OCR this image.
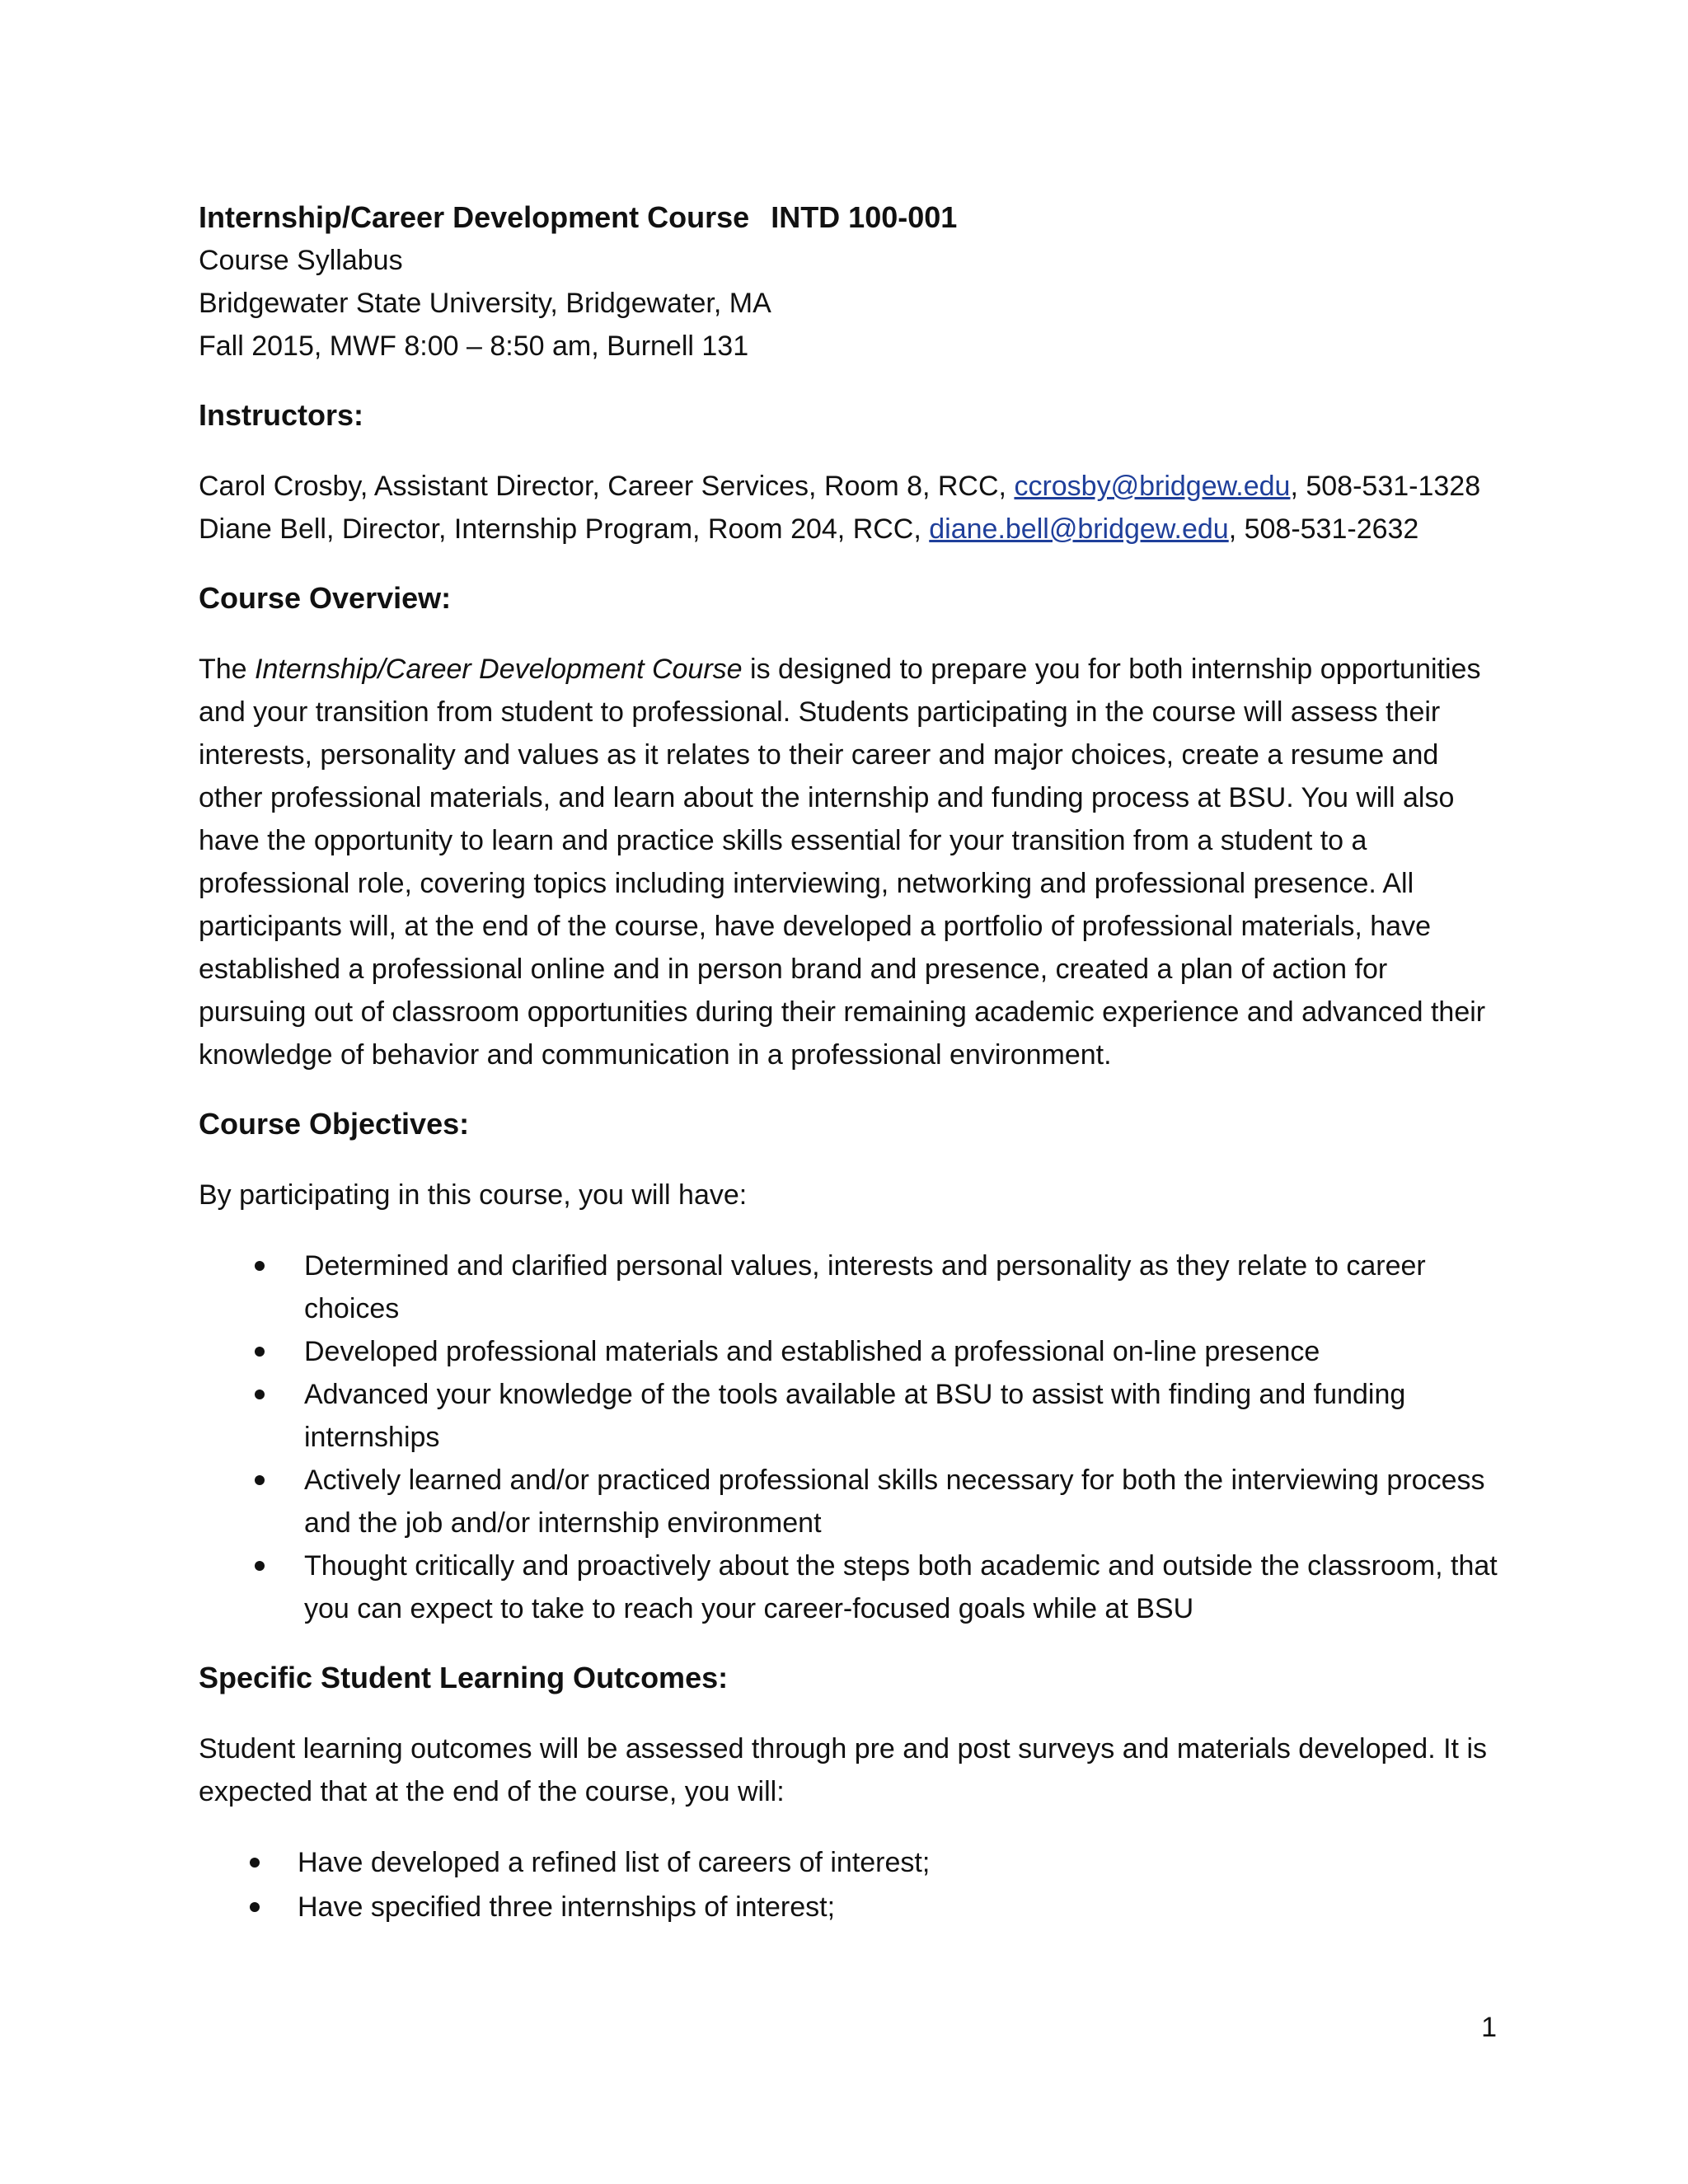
Internship/Career Development Course INTD 100-001

Course Syllabus

Bridgewater State University, Bridgewater, MA

Fall 2015, MWF 8:00 – 8:50 am, Burnell 131

Instructors:

Carol Crosby, Assistant Director, Career Services, Room 8, RCC, ccrosby@bridgew.edu, 508-531-1328
Diane Bell, Director, Internship Program, Room 204, RCC, diane.bell@bridgew.edu, 508-531-2632

Course Overview:

The Internship/Career Development Course is designed to prepare you for both internship opportunities and your transition from student to professional. Students participating in the course will assess their interests, personality and values as it relates to their career and major choices, create a resume and other professional materials, and learn about the internship and funding process at BSU. You will also have the opportunity to learn and practice skills essential for your transition from a student to a professional role, covering topics including interviewing, networking and professional presence. All participants will, at the end of the course, have developed a portfolio of professional materials, have established a professional online and in person brand and presence, created a plan of action for pursuing out of classroom opportunities during their remaining academic experience and advanced their knowledge of behavior and communication in a professional environment.

Course Objectives:

By participating in this course, you will have:

Determined and clarified personal values, interests and personality as they relate to career choices
Developed professional materials and established a professional on-line presence
Advanced your knowledge of the tools available at BSU to assist with finding and funding internships
Actively learned and/or practiced professional skills necessary for both the interviewing process and the job and/or internship environment
Thought critically and proactively about the steps both academic and outside the classroom, that you can expect to take to reach your career-focused goals while at BSU
Specific Student Learning Outcomes:

Student learning outcomes will be assessed through pre and post surveys and materials developed. It is expected that at the end of the course, you will:

Have developed a refined list of careers of interest;
Have specified three internships of interest;
1
